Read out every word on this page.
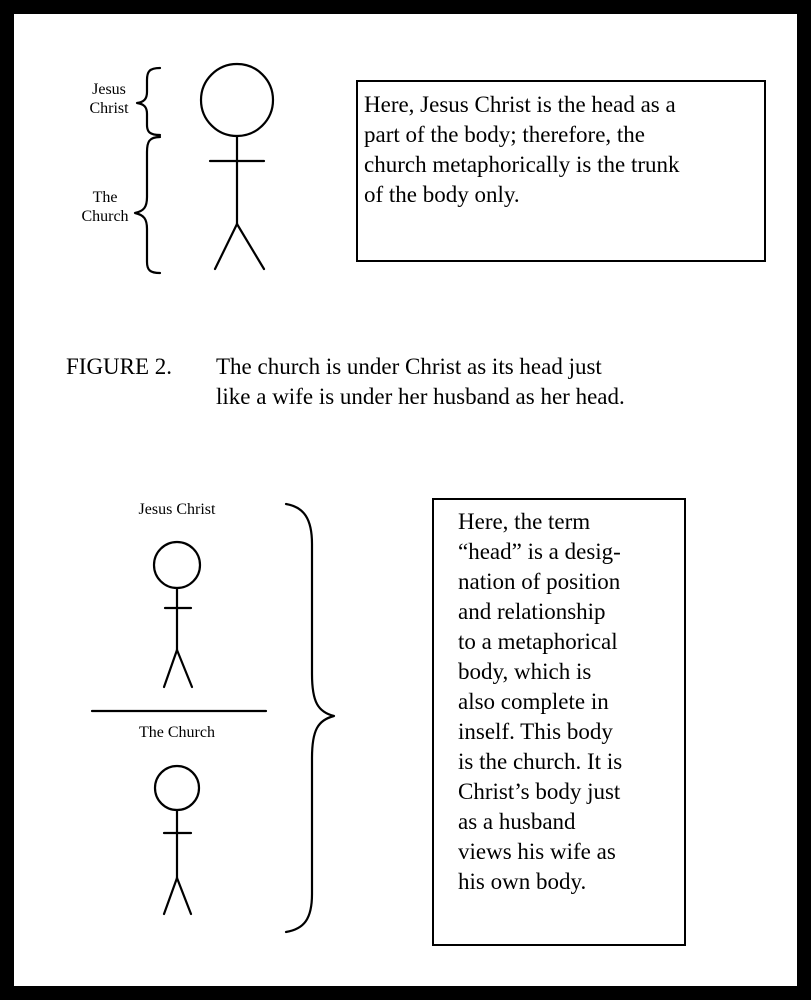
Jesus
Christ
The
Church

Here, Jesus Christ is the head as a

part of the body; therefore, the

church metaphorically is the trunk

of the body only.

FIGURE 2. The church is under Christ as its head just
like a wife is under her husband as her head.
Jesus Christ
The Church

Here, the term

“head” is a desig-

nation of position

and relationship

to a metaphorical

body, which is

also complete in

inself. This body

is the church. It is

Christ’s body just

as a husband

views his wife as

his own body.
